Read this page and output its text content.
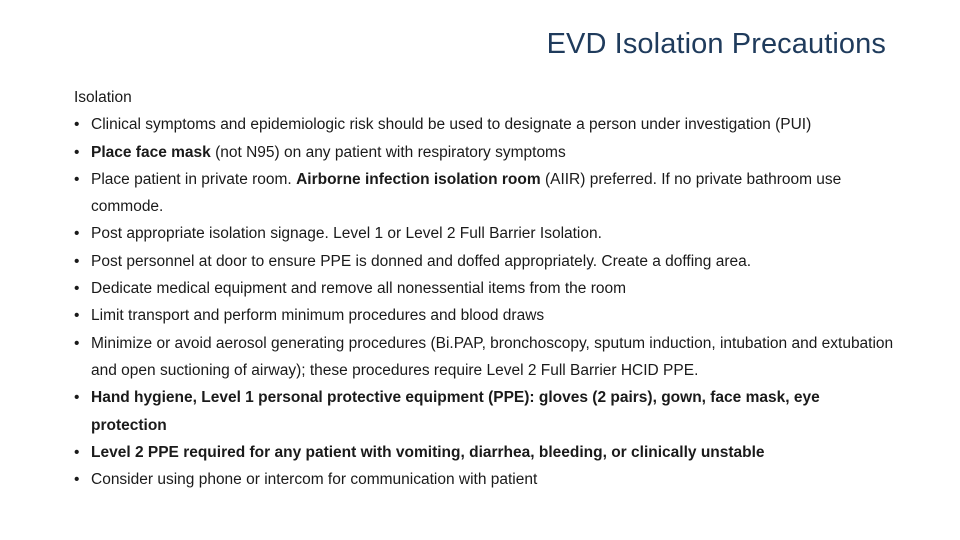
EVD Isolation Precautions

Isolation

• Clinical symptoms and epidemiologic risk should be used to designate a person under investigation (PUI)
• Place face mask (not N95) on any patient with respiratory symptoms
• Place patient in private room. Airborne infection isolation room (AIIR) preferred. If no private bathroom use commode.
• Post appropriate isolation signage. Level 1 or Level 2 Full Barrier Isolation.
• Post personnel at door to ensure PPE is donned and doffed appropriately. Create a doffing area.
• Dedicate medical equipment and remove all nonessential items from the room
• Limit transport and perform minimum procedures and blood draws
• Minimize or avoid aerosol generating procedures (Bi.PAP, bronchoscopy, sputum induction, intubation and extubation and open suctioning of airway); these procedures require Level 2 Full Barrier HCID PPE.
• Hand hygiene, Level 1 personal protective equipment (PPE): gloves (2 pairs), gown, face mask, eye protection
• Level 2 PPE required for any patient with vomiting, diarrhea, bleeding, or clinically unstable
• Consider using phone or intercom for communication with patient
